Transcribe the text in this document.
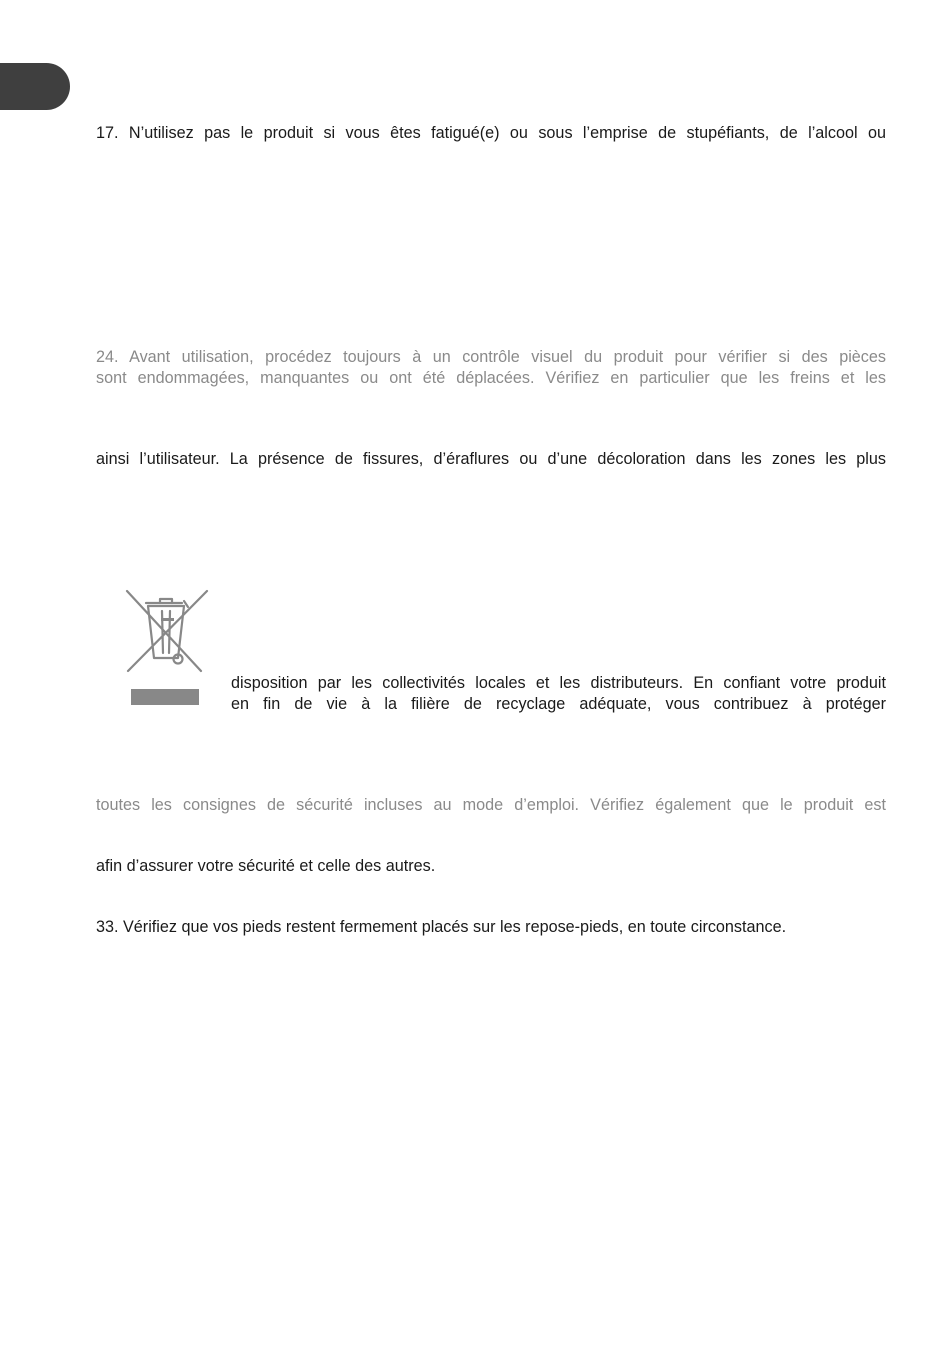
17. N’utilisez pas le produit si vous êtes fatigué(e) ou sous l’emprise de stupéfiants, de l’alcool ou
24. Avant utilisation, procédez toujours à un contrôle visuel du produit pour vérifier si des pièces
sont endommagées, manquantes ou ont été déplacées. Vérifiez en particulier que les freins et les
ainsi l’utilisateur. La présence de fissures, d’éraflures ou d’une décoloration dans les zones les plus
disposition par les collectivités locales et les distributeurs. En confiant votre produit
en fin de vie à la filière de recyclage adéquate, vous contribuez à protéger
toutes les consignes de sécurité incluses au mode d’emploi. Vérifiez également que le produit est
afin d’assurer votre sécurité et celle des autres.
33. Vérifiez que vos pieds restent fermement placés sur les repose-pieds, en toute circonstance.
